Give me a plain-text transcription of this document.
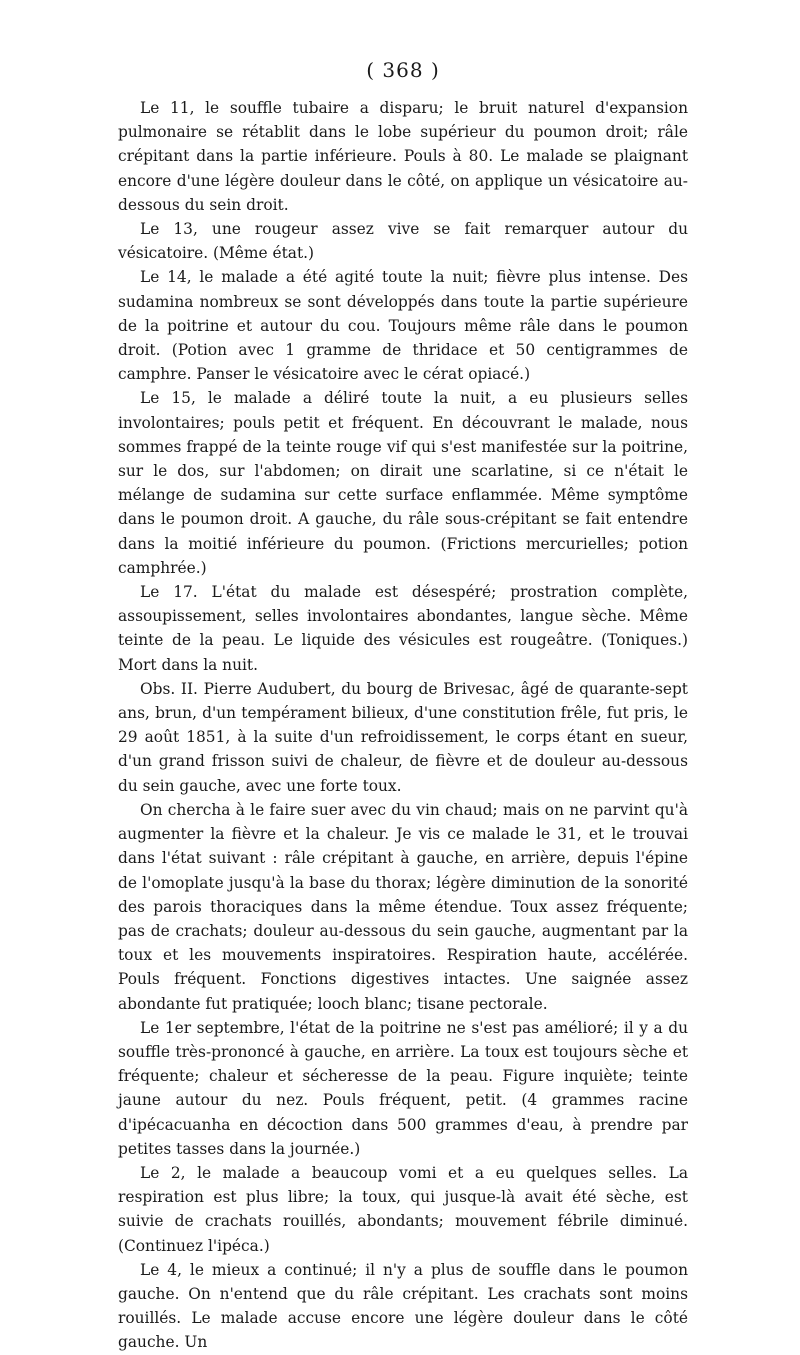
( 368 )

Le 11, le souffle tubaire a disparu; le bruit naturel d'expansion pulmonaire se rétablit dans le lobe supérieur du poumon droit; râle crépitant dans la partie inférieure. Pouls à 80. Le malade se plaignant encore d'une légère douleur dans le côté, on applique un vésicatoire au-dessous du sein droit.

Le 13, une rougeur assez vive se fait remarquer autour du vésicatoire. (Même état.)

Le 14, le malade a été agité toute la nuit; fièvre plus intense. Des sudamina nombreux se sont développés dans toute la partie supérieure de la poitrine et autour du cou. Toujours même râle dans le poumon droit. (Potion avec 1 gramme de thridace et 50 centigrammes de camphre. Panser le vésicatoire avec le cérat opiacé.)

Le 15, le malade a déliré toute la nuit, a eu plusieurs selles involontaires; pouls petit et fréquent. En découvrant le malade, nous sommes frappé de la teinte rouge vif qui s'est manifestée sur la poitrine, sur le dos, sur l'abdomen; on dirait une scarlatine, si ce n'était le mélange de sudamina sur cette surface enflammée. Même symptôme dans le poumon droit. A gauche, du râle sous-crépitant se fait entendre dans la moitié inférieure du poumon. (Frictions mercurielles; potion camphrée.)

Le 17. L'état du malade est désespéré; prostration complète, assoupissement, selles involontaires abondantes, langue sèche. Même teinte de la peau. Le liquide des vésicules est rougeâtre. (Toniques.) Mort dans la nuit.

Obs. II. Pierre Audubert, du bourg de Brivesac, âgé de quarante-sept ans, brun, d'un tempérament bilieux, d'une constitution frêle, fut pris, le 29 août 1851, à la suite d'un refroidissement, le corps étant en sueur, d'un grand frisson suivi de chaleur, de fièvre et de douleur au-dessous du sein gauche, avec une forte toux.

On chercha à le faire suer avec du vin chaud; mais on ne parvint qu'à augmenter la fièvre et la chaleur. Je vis ce malade le 31, et le trouvai dans l'état suivant : râle crépitant à gauche, en arrière, depuis l'épine de l'omoplate jusqu'à la base du thorax; légère diminution de la sonorité des parois thoraciques dans la même étendue. Toux assez fréquente; pas de crachats; douleur au-dessous du sein gauche, augmentant par la toux et les mouvements inspiratoires. Respiration haute, accélérée. Pouls fréquent. Fonctions digestives intactes. Une saignée assez abondante fut pratiquée; looch blanc; tisane pectorale.

Le 1er septembre, l'état de la poitrine ne s'est pas amélioré; il y a du souffle très-prononcé à gauche, en arrière. La toux est toujours sèche et fréquente; chaleur et sécheresse de la peau. Figure inquiète; teinte jaune autour du nez. Pouls fréquent, petit. (4 grammes racine d'ipécacuanha en décoction dans 500 grammes d'eau, à prendre par petites tasses dans la journée.)

Le 2, le malade a beaucoup vomi et a eu quelques selles. La respiration est plus libre; la toux, qui jusque-là avait été sèche, est suivie de crachats rouillés, abondants; mouvement fébrile diminué. (Continuez l'ipéca.)

Le 4, le mieux a continué; il n'y a plus de souffle dans le poumon gauche. On n'entend que du râle crépitant. Les crachats sont moins rouillés. Le malade accuse encore une légère douleur dans le côté gauche. Un
